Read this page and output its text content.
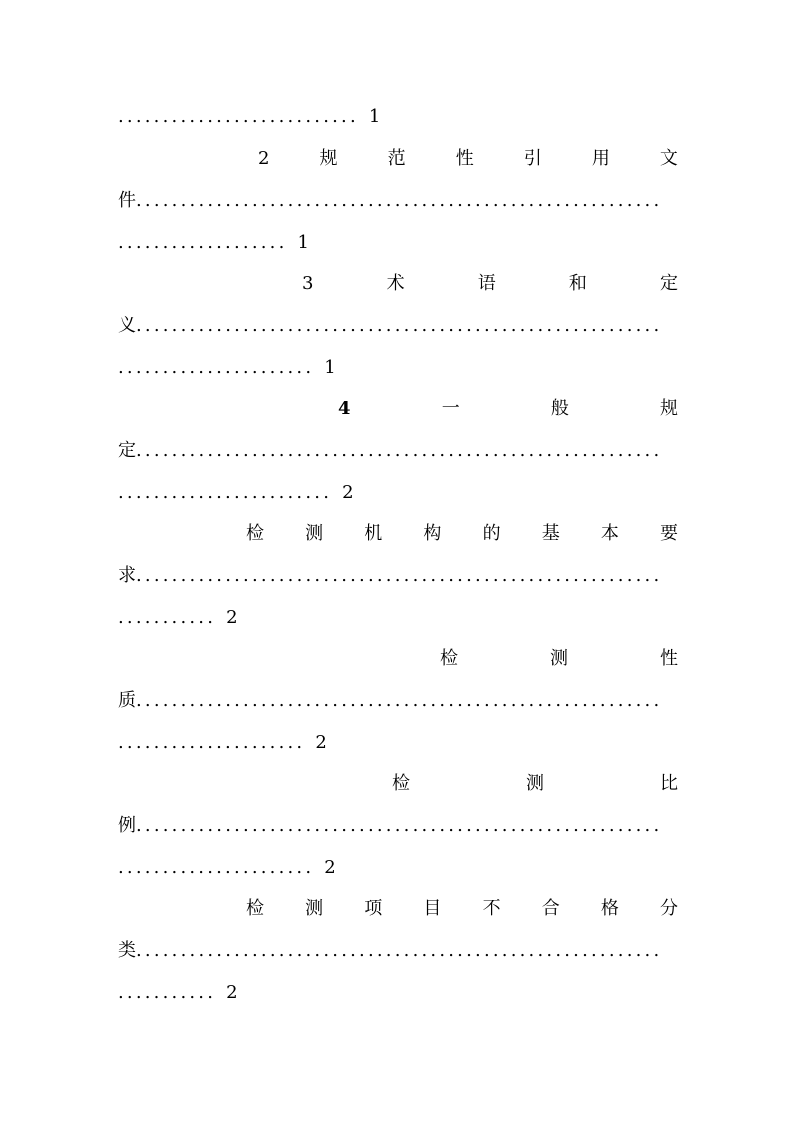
........................... 1
2	规	范	性	引	用	文
件...........................................................
................... 1
3	术	语	和	定
义...........................................................
...................... 1
4	一	般	规
定...........................................................
........................ 2
检 测 机 构 的 基 本 要
求...........................................................
........... 2
检	测	性
质...........................................................
..................... 2
检	测	比
例...........................................................
...................... 2
检 测 项 目 不 合 格 分
类...........................................................
........... 2
